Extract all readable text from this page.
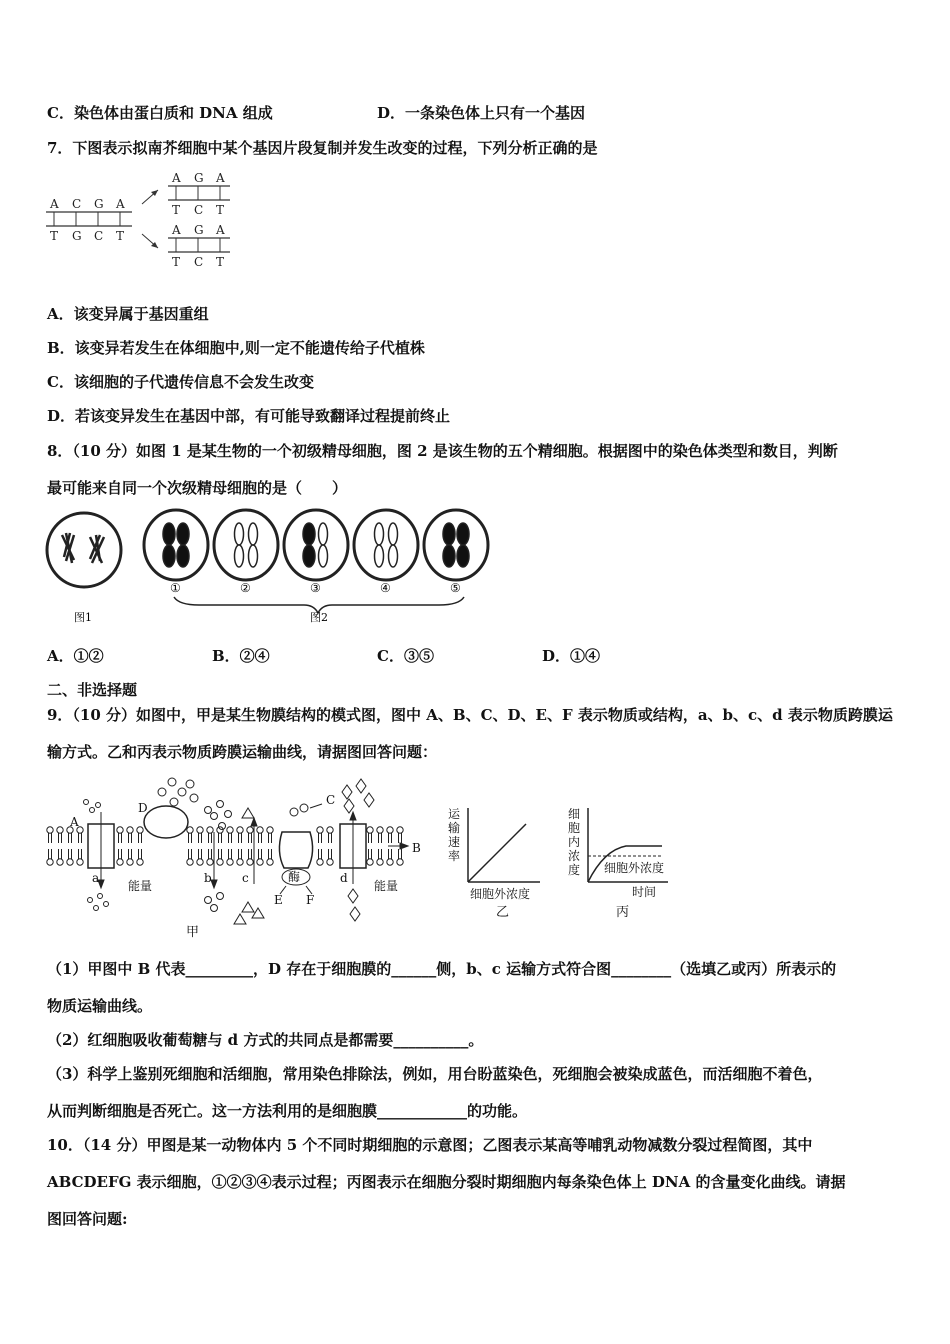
C．染色体由蛋白质和 DNA 组成	D．一条染色体上只有一个基因
7．下图表示拟南芥细胞中某个基因片段复制并发生改变的过程，下列分析正确的是
A C G A
T G C T
A G A
T C T
A G A
T C T
A．该变异属于基因重组
B．该变异若发生在体细胞中,则一定不能遗传给子代植株
C．该细胞的子代遗传信息不会发生改变
D．若该变异发生在基因中部，有可能导致翻译过程提前终止
8．（10 分）如图 1 是某生物的一个初级精母细胞，图 2 是该生物的五个精细胞。根据图中的染色体类型和数目，判断
最可能来自同一个次级精母细胞的是（　　）
图1
①	②	③	④	⑤
图2
A．①②	B．②④	C．③⑤	D．①④
二、非选择题
9．（10 分）如图中，甲是某生物膜结构的模式图，图中 A、B、C、D、E、F 表示物质或结构，a、b、c、d 表示物质跨膜运
输方式。乙和丙表示物质跨膜运输曲线，请据图回答问题：
A
D
C
B
a	b	c	d
能量	能量
酶
E F
甲
运
输
速
率
细胞外浓度
乙
细
胞
内
浓
度 细胞外浓度
时间
丙
（1）甲图中 B 代表_________，D 存在于细胞膜的______侧，b、c 运输方式符合图________（选填乙或丙）所表示的
物质运输曲线。
（2）红细胞吸收葡萄糖与 d 方式的共同点是都需要__________。
（3）科学上鉴别死细胞和活细胞，常用染色排除法，例如，用台盼蓝染色，死细胞会被染成蓝色，而活细胞不着色，
从而判断细胞是否死亡。这一方法利用的是细胞膜____________的功能。
10．（14 分）甲图是某一动物体内 5 个不同时期细胞的示意图；乙图表示某高等哺乳动物减数分裂过程简图，其中
ABCDEFG 表示细胞，①②③④表示过程；丙图表示在细胞分裂时期细胞内每条染色体上 DNA 的含量变化曲线。请据
图回答问题:
